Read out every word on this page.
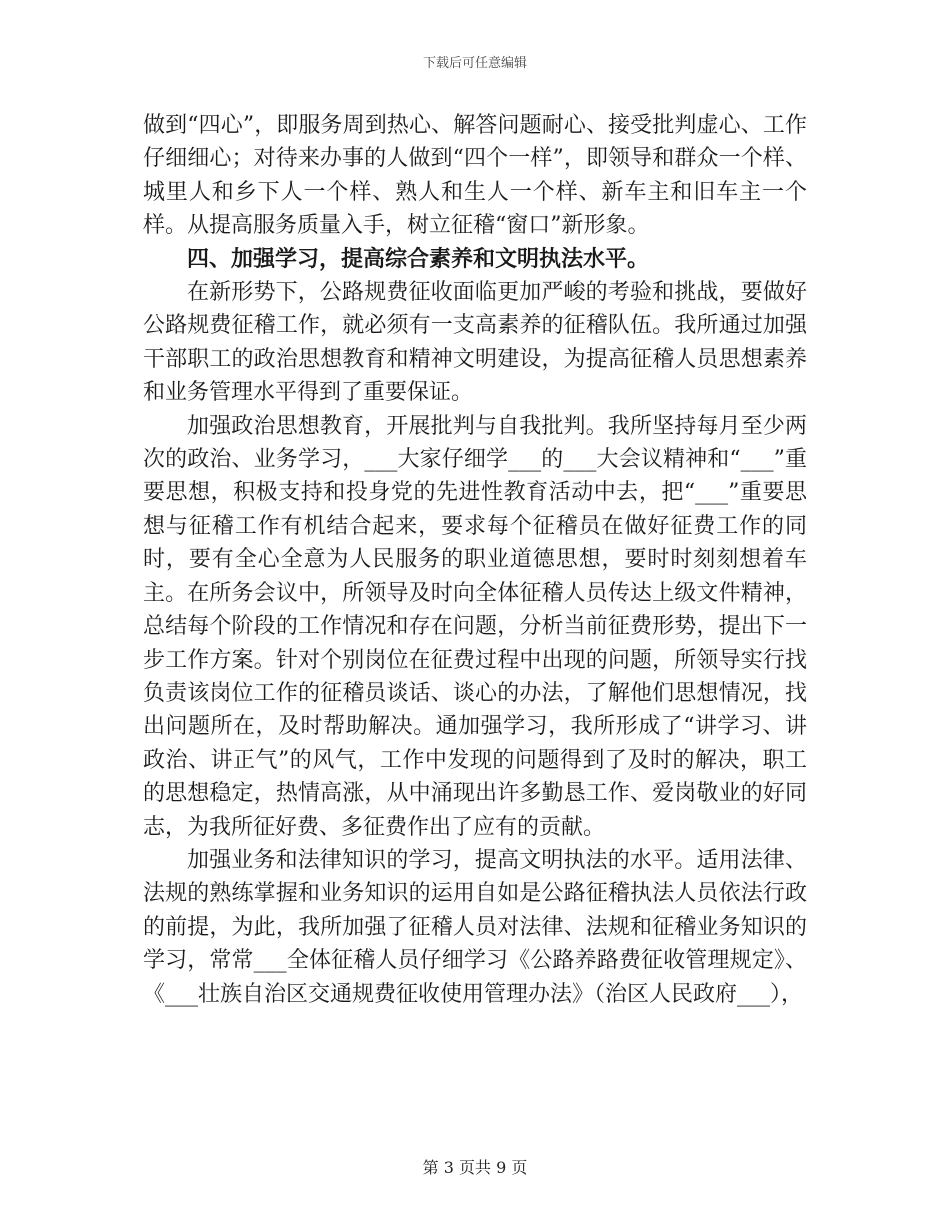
下载后可任意编辑

做到“四心”，即服务周到热心、解答问题耐心、接受批判虚心、工作仔细细心；对待来办事的人做到“四个一样”，即领导和群众一个样、城里人和乡下人一个样、熟人和生人一个样、新车主和旧车主一个样。从提高服务质量入手，树立征稽“窗口”新形象。

四、加强学习，提高综合素养和文明执法水平。

在新形势下，公路规费征收面临更加严峻的考验和挑战，要做好公路规费征稽工作，就必须有一支高素养的征稽队伍。我所通过加强干部职工的政治思想教育和精神文明建设，为提高征稽人员思想素养和业务管理水平得到了重要保证。

加强政治思想教育，开展批判与自我批判。我所坚持每月至少两次的政治、业务学习，___大家仔细学___的___大会议精神和“___”重要思想，积极支持和投身党的先进性教育活动中去，把“___”重要思想与征稽工作有机结合起来，要求每个征稽员在做好征费工作的同时，要有全心全意为人民服务的职业道德思想，要时时刻刻想着车主。在所务会议中，所领导及时向全体征稽人员传达上级文件精神，总结每个阶段的工作情况和存在问题，分析当前征费形势，提出下一步工作方案。针对个别岗位在征费过程中出现的问题，所领导实行找负责该岗位工作的征稽员谈话、谈心的办法，了解他们思想情况，找出问题所在，及时帮助解决。通加强学习，我所形成了“讲学习、讲政治、讲正气”的风气，工作中发现的问题得到了及时的解决，职工的思想稳定，热情高涨，从中涌现出许多勤恳工作、爱岗敬业的好同志，为我所征好费、多征费作出了应有的贡献。

加强业务和法律知识的学习，提高文明执法的水平。适用法律、法规的熟练掌握和业务知识的运用自如是公路征稽执法人员依法行政的前提，为此，我所加强了征稽人员对法律、法规和征稽业务知识的学习，常常___全体征稽人员仔细学习《公路养路费征收管理规定》、《___壮族自治区交通规费征收使用管理办法》（治区人民政府___），

第 3 页共 9 页
